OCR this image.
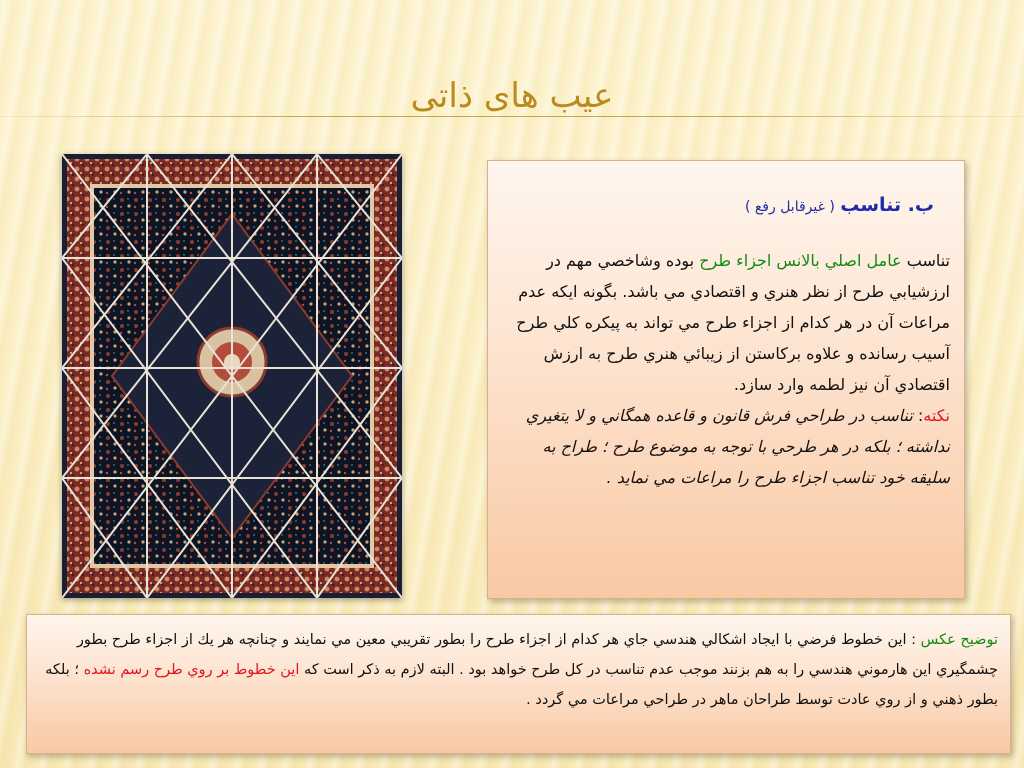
عیب های ذاتی
ب. تناسب ( غيرقابل رفع )
تناسب عامل اصلي بالانس اجزاء طرح بوده وشاخصي مهم در ارزشيابي طرح از نظر هنري و اقتصادي مي باشد. بگونه ايكه عدم مراعات آن در هر كدام از اجزاء طرح مي تواند به پيكره كلي طرح آسيب رسانده و علاوه بركاستن از زيبائي هنري طرح به ارزش اقتصادي آن نيز لطمه وارد سازد.
نكته: تناسب در طراحي فرش قانون و قاعده همگاني و لا يتغيري نداشته ؛ بلكه در هر طرحي با توجه به موضوع طرح ؛ طراح به سليقه خود تناسب اجزاء طرح را مراعات مي نمايد .
توضيح عكس : اين خطوط فرضي با ايجاد اشكالي هندسي جاي هر كدام از اجزاء طرح را بطور تقريبي معين مي نمايند و چنانچه هر يك از اجزاء طرح بطور چشمگيري اين هارموني هندسي را به هم بزنند موجب عدم تناسب در كل طرح خواهد بود . البته لازم به ذكر است كه اين خطوط بر روي طرح رسم نشده ؛ بلكه بطور ذهني و از روي عادت توسط طراحان ماهر در طراحي مراعات مي گردد .
